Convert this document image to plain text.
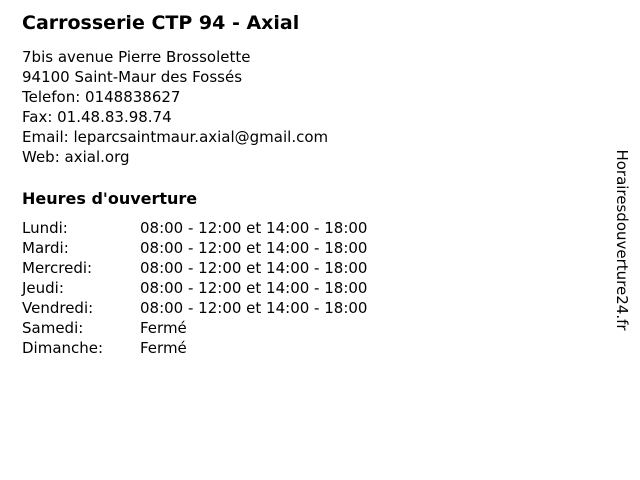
Carrosserie CTP 94 - Axial
7bis avenue Pierre Brossolette
94100 Saint-Maur des Fossés
Telefon: 0148838627
Fax: 01.48.83.98.74
Email: leparcsaintmaur.axial@gmail.com
Web: axial.org
Heures d'ouverture
Lundi:	08:00 - 12:00 et 14:00 - 18:00
Mardi:	08:00 - 12:00 et 14:00 - 18:00
Mercredi:	08:00 - 12:00 et 14:00 - 18:00
Jeudi:	08:00 - 12:00 et 14:00 - 18:00
Vendredi:	08:00 - 12:00 et 14:00 - 18:00
Samedi:	Fermé
Dimanche:	Fermé
Horairesdouverture24.fr
